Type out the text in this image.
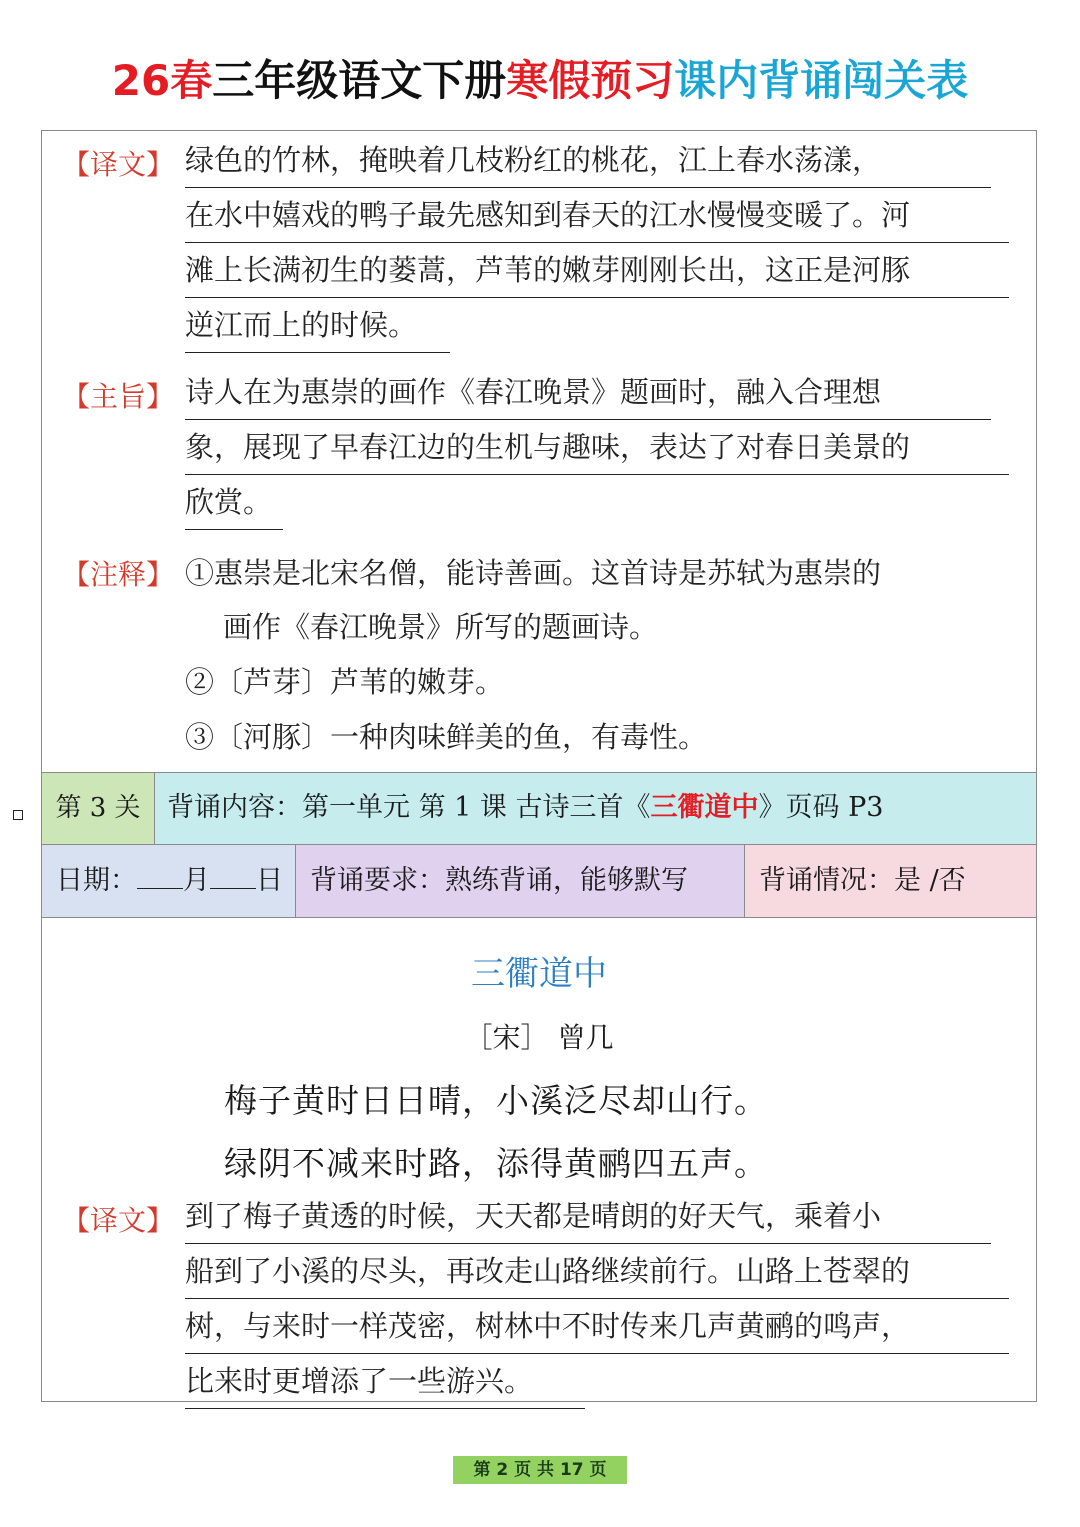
26春三年级语文下册寒假预习课内背诵闯关表
【译文】 绿色的竹林，掩映着几枝粉红的桃花，江上春水荡漾，
在水中嬉戏的鸭子最先感知到春天的江水慢慢变暖了。河
滩上长满初生的蒌蒿，芦苇的嫩芽刚刚长出，这正是河豚
逆江而上的时候。
【主旨】 诗人在为惠崇的画作《春江晚景》题画时，融入合理想
象，展现了早春江边的生机与趣味，表达了对春日美景的
欣赏。
【注释】 ①惠崇是北宋名僧，能诗善画。这首诗是苏轼为惠崇的
画作《春江晚景》所写的题画诗。
②〔芦芽〕芦苇的嫩芽。
③〔河豚〕一种肉味鲜美的鱼，有毒性。
第 3 关 背诵内容：第一单元 第 1 课 古诗三首《三衢道中》页码 P3
日期： 月 日	背诵要求：熟练背诵，能够默写	背诵情况：是 /否
三衢道中
［宋］ 曾几
梅子黄时日日晴，小溪泛尽却山行。
绿阴不减来时路，添得黄鹂四五声。
【译文】 到了梅子黄透的时候，天天都是晴朗的好天气，乘着小
船到了小溪的尽头，再改走山路继续前行。山路上苍翠的
树，与来时一样茂密，树林中不时传来几声黄鹂的鸣声，
比来时更增添了一些游兴。
第 2 页 共 17 页
